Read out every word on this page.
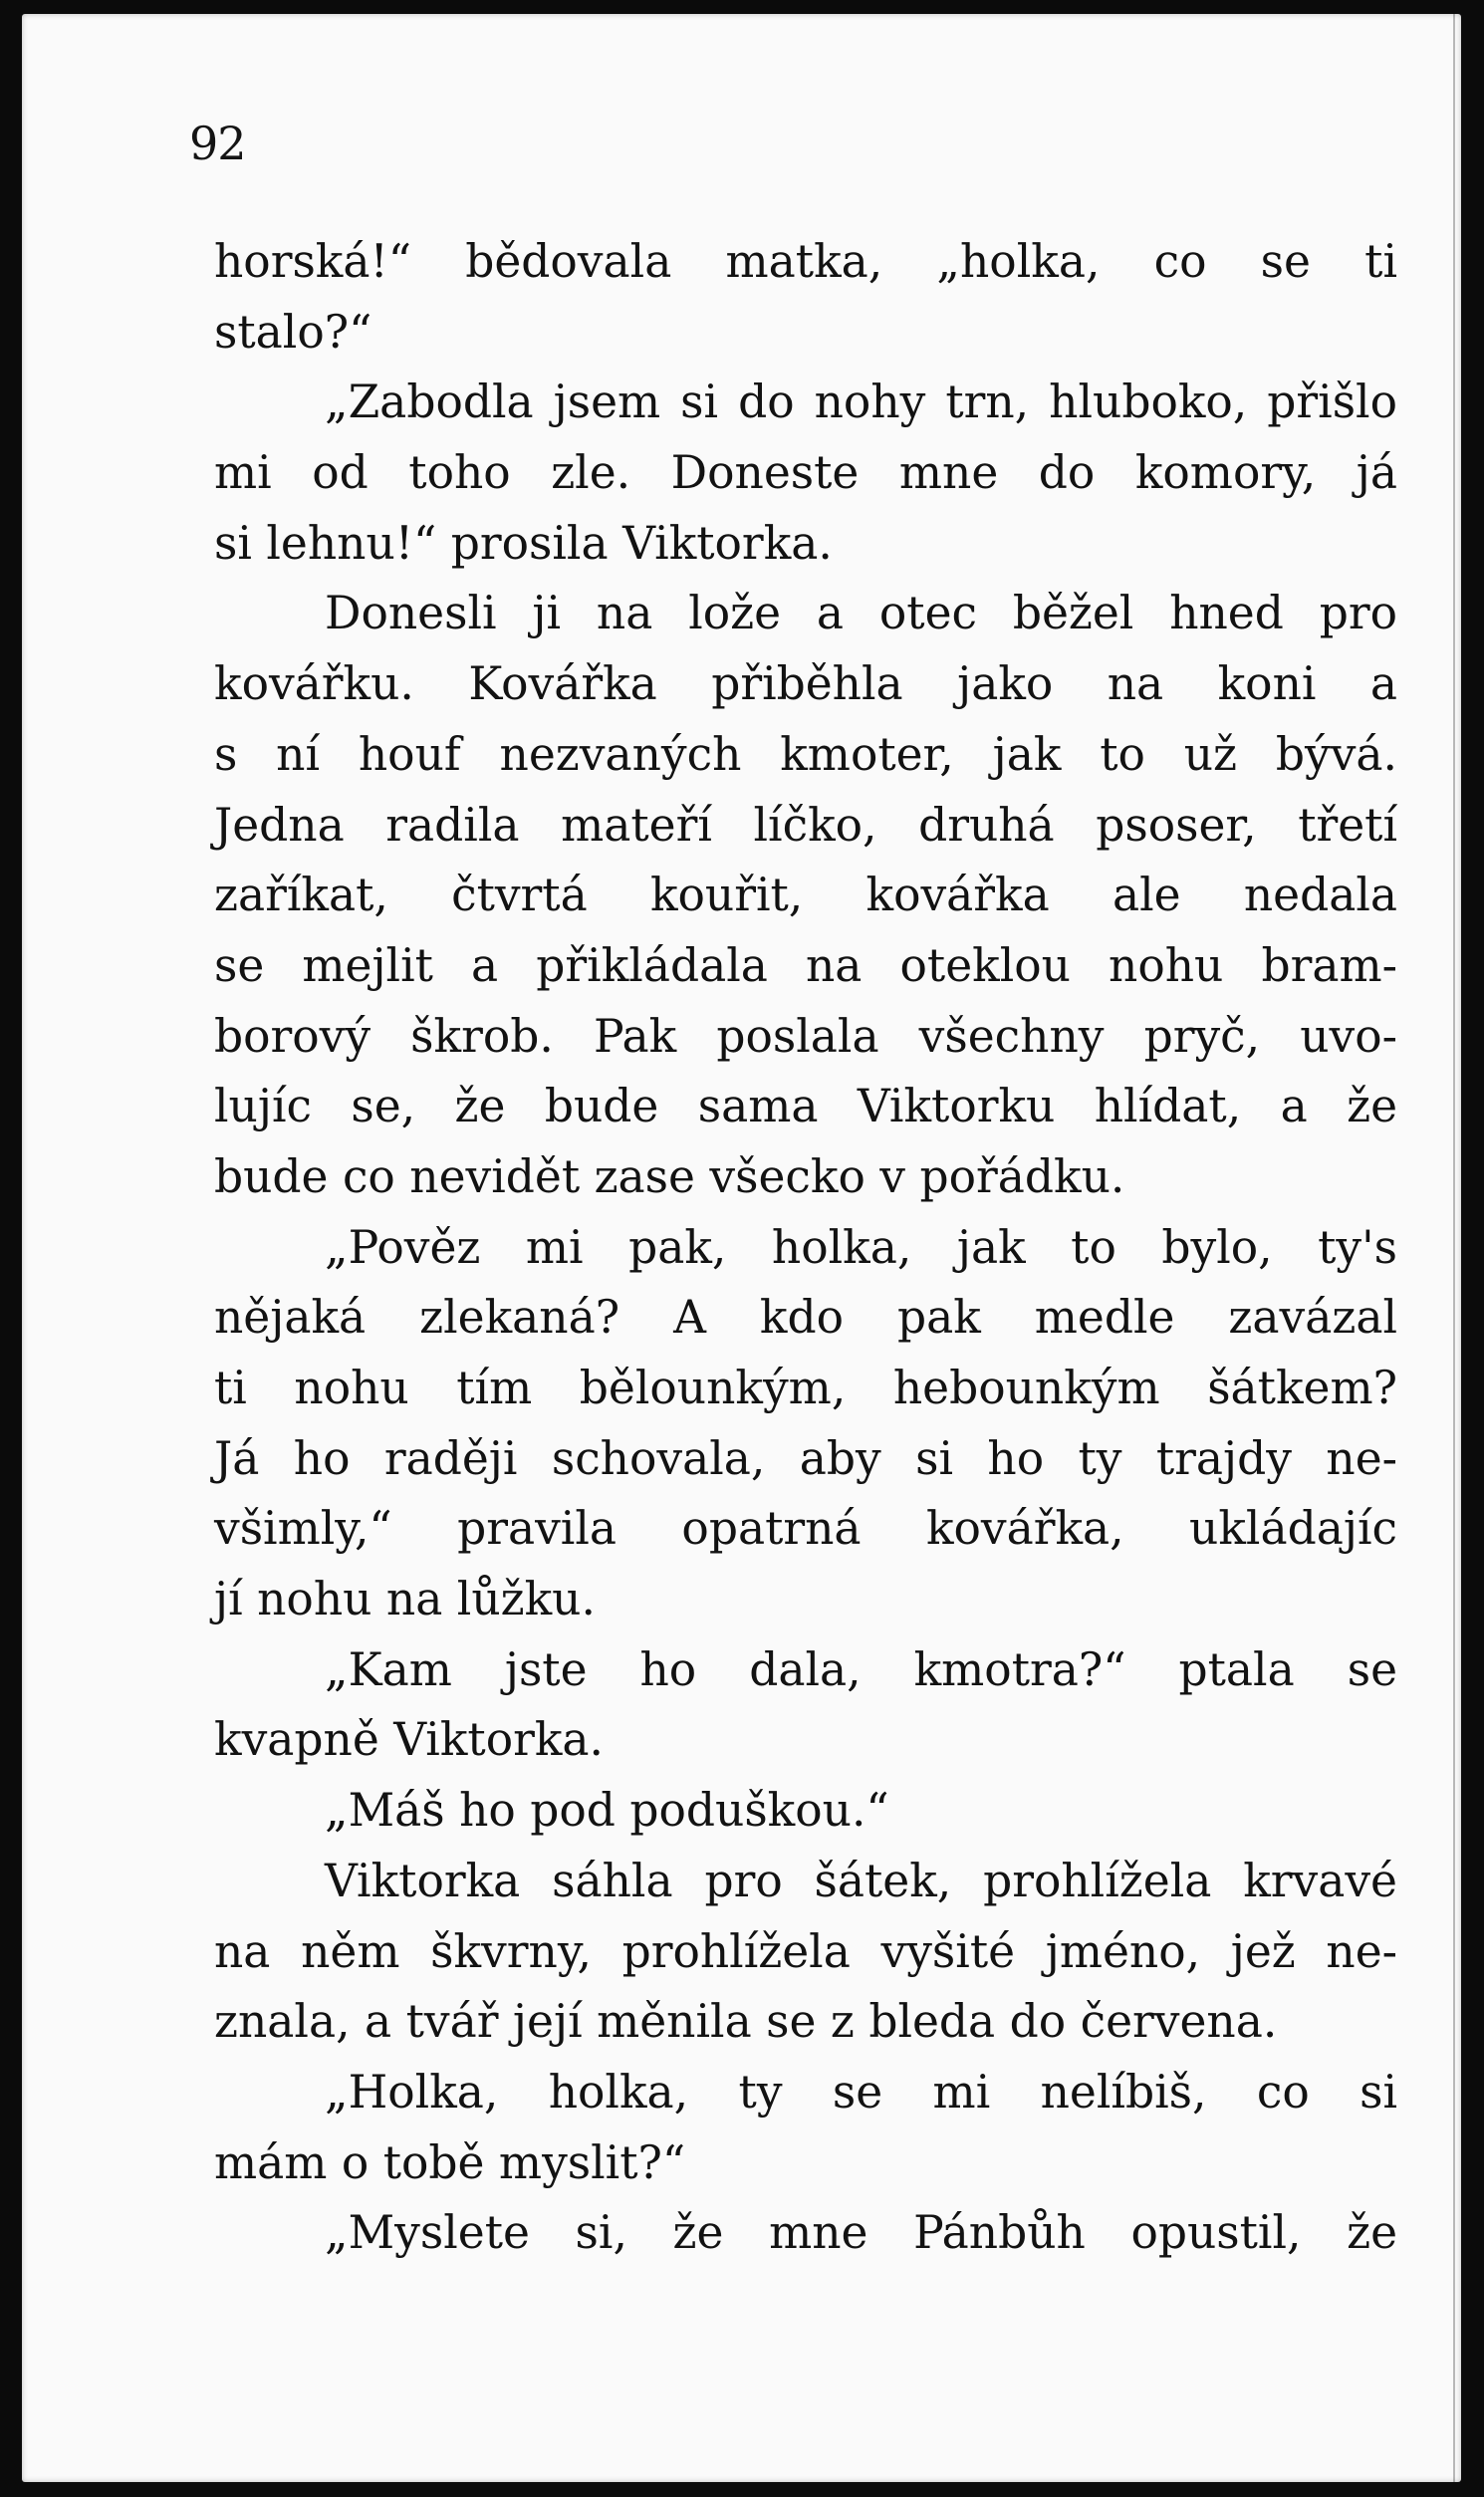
92
horská!“ bědovala matka, „holka, co se ti
stalo?“
„Zabodla jsem si do nohy trn, hluboko, přišlo
mi od toho zle. Doneste mne do komory, já
si lehnu!“ prosila Viktorka.
Donesli ji na lože a otec běžel hned pro
kovářku. Kovářka přiběhla jako na koni a
s ní houf nezvaných kmoter, jak to už bývá.
Jedna radila mateří líčko, druhá psoser, třetí
zaříkat, čtvrtá kouřit, kovářka ale nedala
se mejlit a přikládala na oteklou nohu bram-
borový škrob. Pak poslala všechny pryč, uvo-
lujíc se, že bude sama Viktorku hlídat, a že
bude co nevidět zase všecko v pořádku.
„Pověz mi pak, holka, jak to bylo, ty's
nějaká zlekaná? A kdo pak medle zavázal
ti nohu tím bělounkým, hebounkým šátkem?
Já ho raději schovala, aby si ho ty trajdy ne-
všimly,“ pravila opatrná kovářka, ukládajíc
jí nohu na lůžku.
„Kam jste ho dala, kmotra?“ ptala se
kvapně Viktorka.
„Máš ho pod poduškou.“
Viktorka sáhla pro šátek, prohlížela krvavé
na něm škvrny, prohlížela vyšité jméno, jež ne-
znala, a tvář její měnila se z bleda do červena.
„Holka, holka, ty se mi nelíbiš, co si
mám o tobě myslit?“
„Myslete si, že mne Pánbůh opustil, že
